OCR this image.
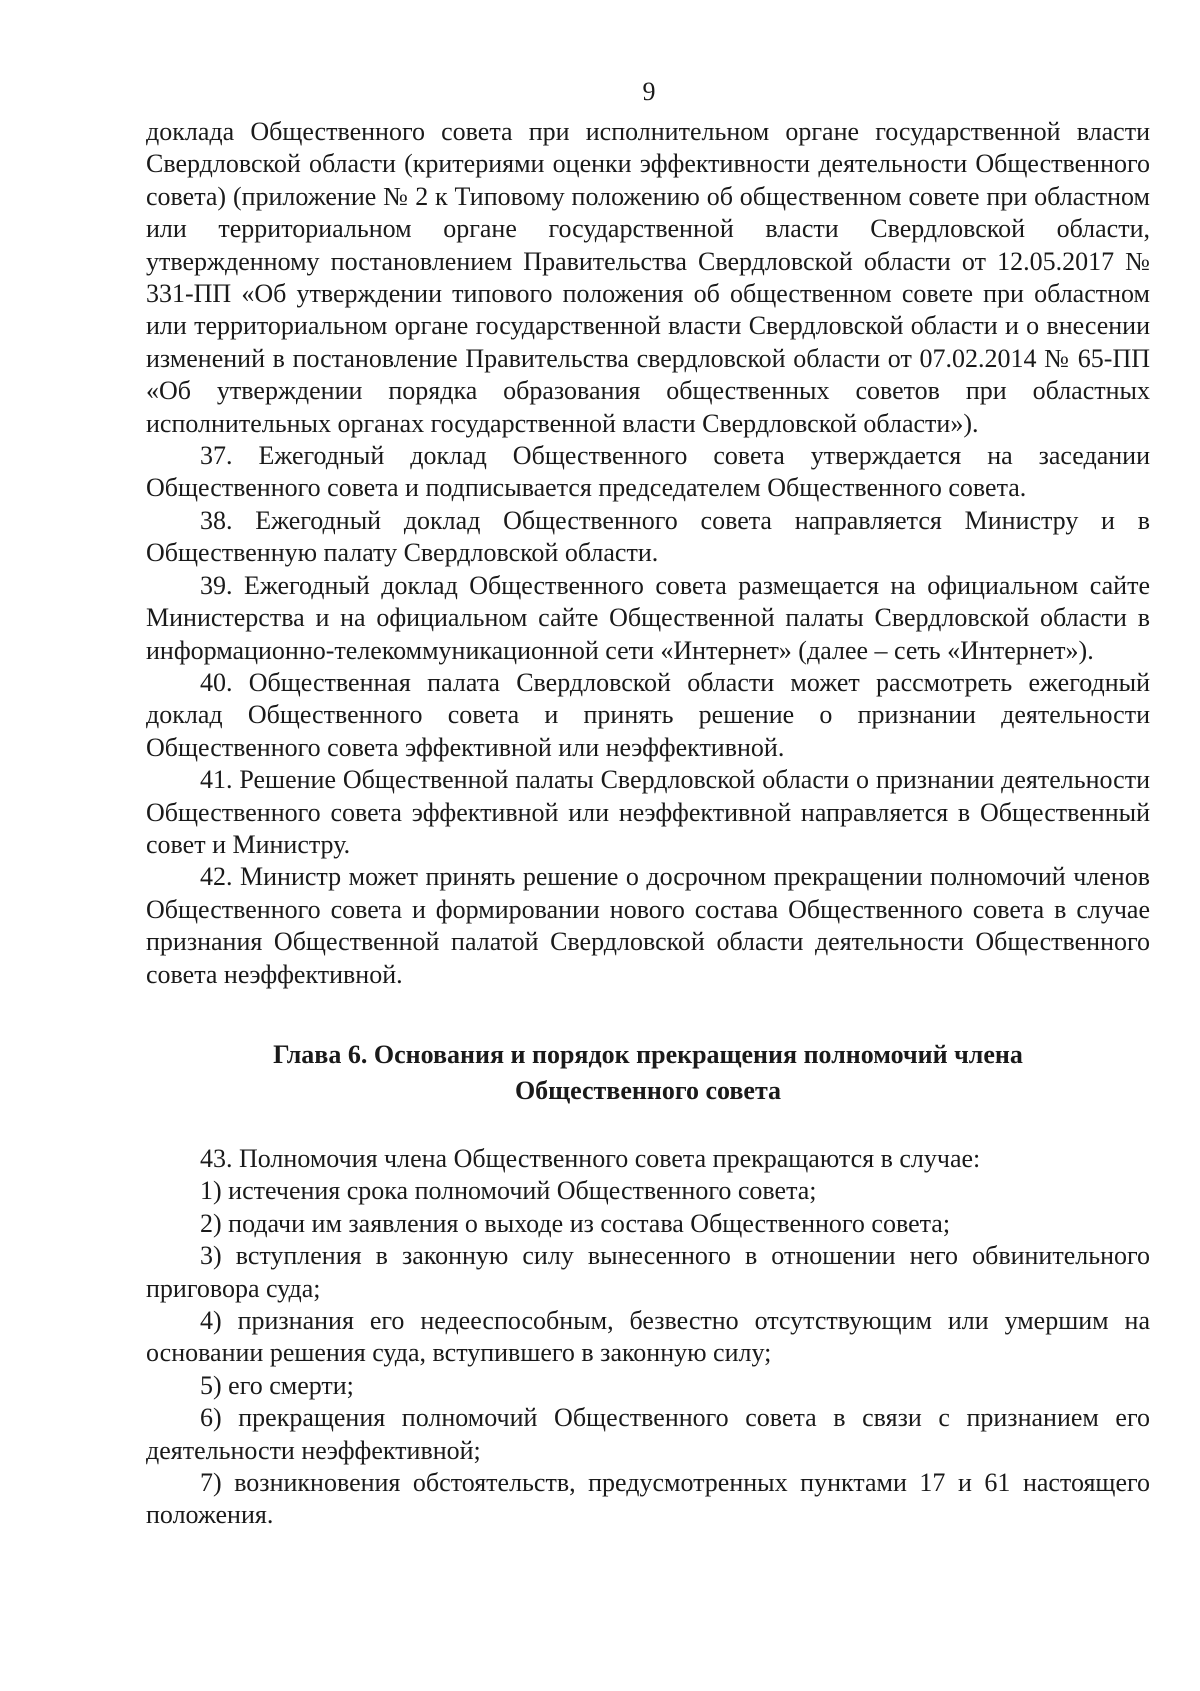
9

доклада Общественного совета при исполнительном органе государственной власти Свердловской области (критериями оценки эффективности деятельности Общественного совета) (приложение № 2 к Типовому положению об общественном совете при областном или территориальном органе государственной власти Свердловской области, утвержденному постановлением Правительства Свердловской области от 12.05.2017 № 331-ПП «Об утверждении типового положения об общественном совете при областном или территориальном органе государственной власти Свердловской области и о внесении изменений в постановление Правительства свердловской области от 07.02.2014 № 65-ПП «Об утверждении порядка образования общественных советов при областных исполнительных органах государственной власти Свердловской области»).

37. Ежегодный доклад Общественного совета утверждается на заседании Общественного совета и подписывается председателем Общественного совета.

38. Ежегодный доклад Общественного совета направляется Министру и в Общественную палату Свердловской области.

39. Ежегодный доклад Общественного совета размещается на официальном сайте Министерства и на официальном сайте Общественной палаты Свердловской области в информационно-телекоммуникационной сети «Интернет» (далее – сеть «Интернет»).

40. Общественная палата Свердловской области может рассмотреть ежегодный доклад Общественного совета и принять решение о признании деятельности Общественного совета эффективной или неэффективной.

41. Решение Общественной палаты Свердловской области о признании деятельности Общественного совета эффективной или неэффективной направляется в Общественный совет и Министру.

42. Министр может принять решение о досрочном прекращении полномочий членов Общественного совета и формировании нового состава Общественного совета в случае признания Общественной палатой Свердловской области деятельности Общественного совета неэффективной.

Глава 6. Основания и порядок прекращения полномочий члена
Общественного совета

43. Полномочия члена Общественного совета прекращаются в случае:

1) истечения срока полномочий Общественного совета;

2) подачи им заявления о выходе из состава Общественного совета;

3) вступления в законную силу вынесенного в отношении него обвинительного приговора суда;

4) признания его недееспособным, безвестно отсутствующим или умершим на основании решения суда, вступившего в законную силу;

5) его смерти;

6) прекращения полномочий Общественного совета в связи с признанием его деятельности неэффективной;

7) возникновения обстоятельств, предусмотренных пунктами 17 и 61 настоящего положения.
